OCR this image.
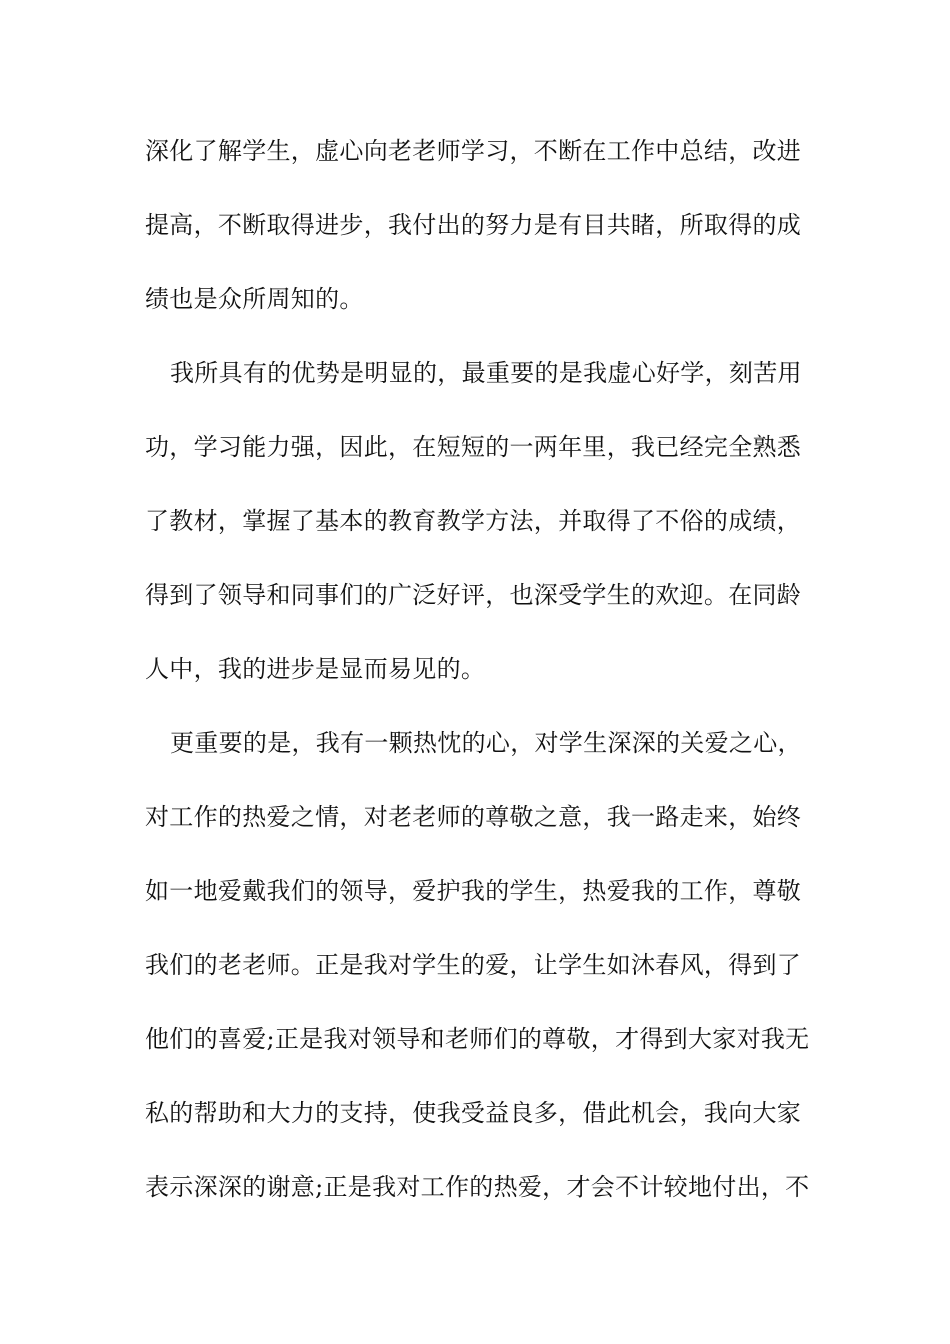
深化了解学生，虚心向老老师学习，不断在工作中总结，改进
提高，不断取得进步，我付出的努力是有目共睹，所取得的成
绩也是众所周知的。
我所具有的优势是明显的，最重要的是我虚心好学，刻苦用
功，学习能力强，因此，在短短的一两年里，我已经完全熟悉
了教材，掌握了基本的教育教学方法，并取得了不俗的成绩，
得到了领导和同事们的广泛好评，也深受学生的欢迎。在同龄
人中，我的进步是显而易见的。
更重要的是，我有一颗热忱的心，对学生深深的关爱之心，
对工作的热爱之情，对老老师的尊敬之意，我一路走来，始终
如一地爱戴我们的领导，爱护我的学生，热爱我的工作，尊敬
我们的老老师。正是我对学生的爱，让学生如沐春风，得到了
他们的喜爱;正是我对领导和老师们的尊敬，才得到大家对我无
私的帮助和大力的支持，使我受益良多，借此机会，我向大家
表示深深的谢意;正是我对工作的热爱，才会不计较地付出，不
